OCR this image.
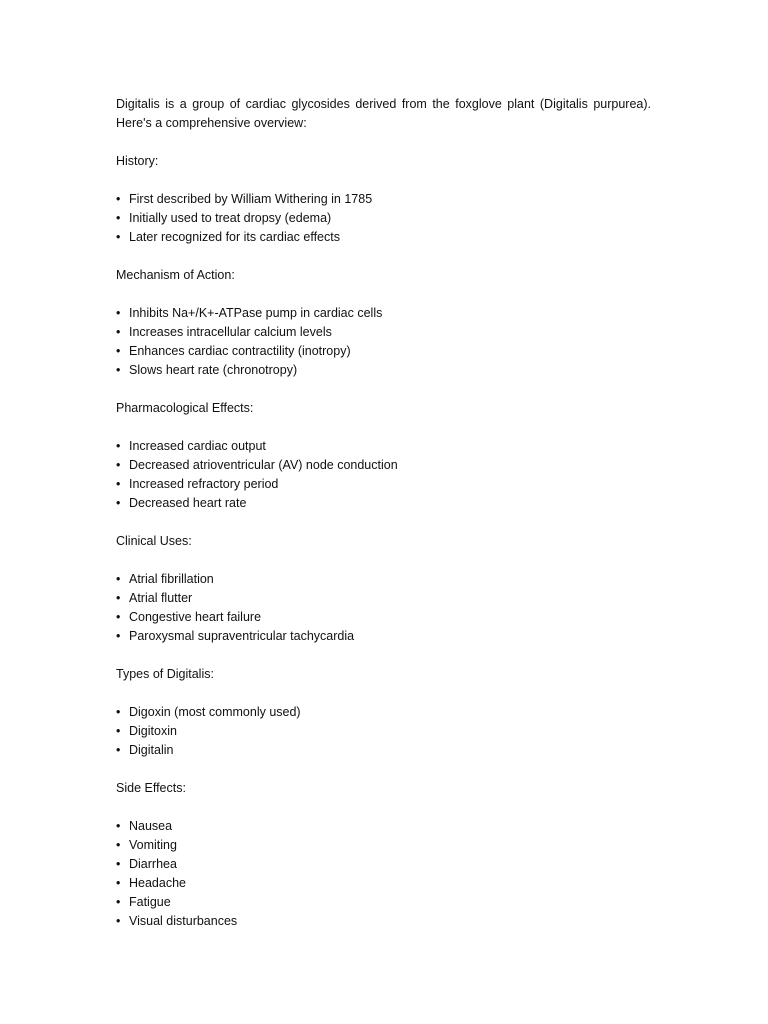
Digitalis is a group of cardiac glycosides derived from the foxglove plant (Digitalis purpurea). Here's a comprehensive overview:

History:

• First described by William Withering in 1785
• Initially used to treat dropsy (edema)
• Later recognized for its cardiac effects

Mechanism of Action:

• Inhibits Na+/K+-ATPase pump in cardiac cells
• Increases intracellular calcium levels
• Enhances cardiac contractility (inotropy)
• Slows heart rate (chronotropy)

Pharmacological Effects:

• Increased cardiac output
• Decreased atrioventricular (AV) node conduction
• Increased refractory period
• Decreased heart rate

Clinical Uses:

• Atrial fibrillation
• Atrial flutter
• Congestive heart failure
• Paroxysmal supraventricular tachycardia

Types of Digitalis:

• Digoxin (most commonly used)
• Digitoxin
• Digitalin

Side Effects:

• Nausea
• Vomiting
• Diarrhea
• Headache
• Fatigue
• Visual disturbances
